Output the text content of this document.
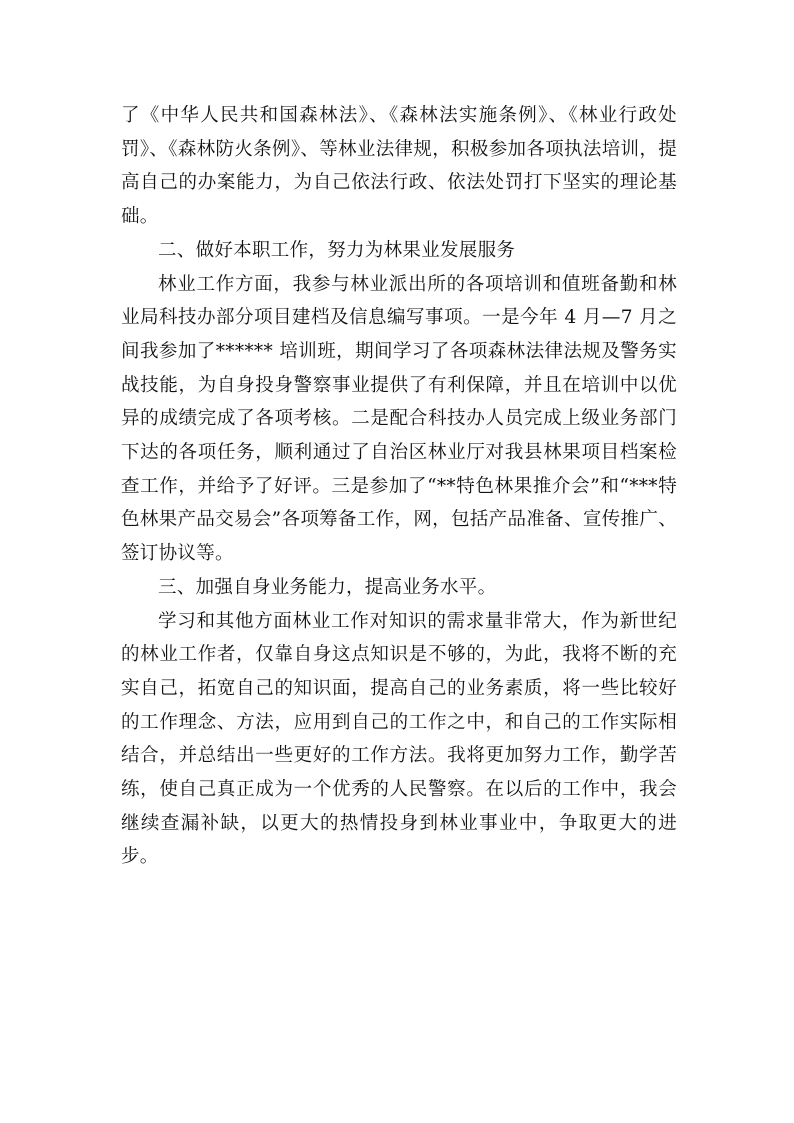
了《中华人民共和国森林法》、《森林法实施条例》、《林业行政处罚》、《森林防火条例》、等林业法律规，积极参加各项执法培训，提高自己的办案能力，为自己依法行政、依法处罚打下坚实的理论基础。

二、做好本职工作，努力为林果业发展服务

林业工作方面，我参与林业派出所的各项培训和值班备勤和林业局科技办部分项目建档及信息编写事项。一是今年 4 月—7 月之间我参加了****** 培训班，期间学习了各项森林法律法规及警务实战技能，为自身投身警察事业提供了有利保障，并且在培训中以优异的成绩完成了各项考核。二是配合科技办人员完成上级业务部门下达的各项任务，顺利通过了自治区林业厅对我县林果项目档案检查工作，并给予了好评。三是参加了“**特色林果推介会”和“***特色林果产品交易会”各项筹备工作，网，包括产品准备、宣传推广、签订协议等。

三、加强自身业务能力，提高业务水平。

学习和其他方面林业工作对知识的需求量非常大，作为新世纪的林业工作者，仅靠自身这点知识是不够的，为此，我将不断的充实自己，拓宽自己的知识面，提高自己的业务素质，将一些比较好的工作理念、方法，应用到自己的工作之中，和自己的工作实际相结合，并总结出一些更好的工作方法。我将更加努力工作，勤学苦练，使自己真正成为一个优秀的人民警察。在以后的工作中，我会继续查漏补缺，以更大的热情投身到林业事业中，争取更大的进步。
